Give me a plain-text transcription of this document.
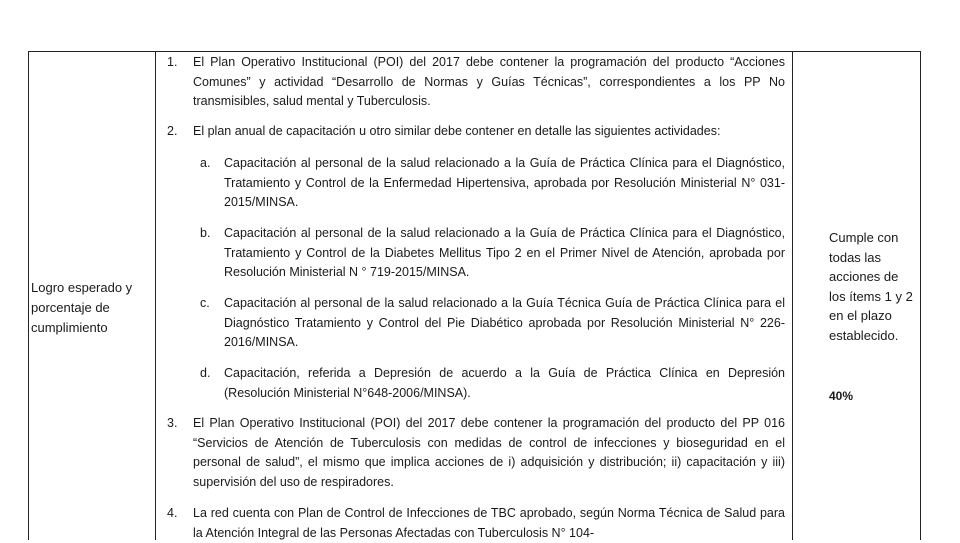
Logro esperado y porcentaje de cumplimiento
1. El Plan Operativo Institucional (POI) del 2017 debe contener la programación del producto “Acciones Comunes” y actividad “Desarrollo de Normas y Guías Técnicas”, correspondientes a los PP No transmisibles, salud mental y Tuberculosis.
2. El plan anual de capacitación u otro similar debe contener en detalle las siguientes actividades:
a. Capacitación al personal de la salud relacionado a la Guía de Práctica Clínica para el Diagnóstico, Tratamiento y Control de la Enfermedad Hipertensiva, aprobada por Resolución Ministerial N° 031-2015/MINSA.
b. Capacitación al personal de la salud relacionado a la Guía de Práctica Clínica para el Diagnóstico, Tratamiento y Control de la Diabetes Mellitus Tipo 2 en el Primer Nivel de Atención, aprobada por Resolución Ministerial N ° 719-2015/MINSA.
c. Capacitación al personal de la salud relacionado a la Guía Técnica Guía de Práctica Clínica para el Diagnóstico Tratamiento y Control del Pie Diabético aprobada por Resolución Ministerial N° 226-2016/MINSA.
d. Capacitación, referida a Depresión de acuerdo a la Guía de Práctica Clínica en Depresión (Resolución Ministerial N°648-2006/MINSA).
3. El Plan Operativo Institucional (POI) del 2017 debe contener la programación del producto del PP 016 “Servicios de Atención de Tuberculosis con medidas de control de infecciones y bioseguridad en el personal de salud”, el mismo que implica acciones de i) adquisición y distribución; ii) capacitación y iii) supervisión del uso de respiradores.
4. La red cuenta con Plan de Control de Infecciones de TBC aprobado, según Norma Técnica de Salud para la Atención Integral de las Personas Afectadas con Tuberculosis N° 104-
Cumple con todas las acciones de los ítems 1 y 2 en el plazo establecido.
40%
